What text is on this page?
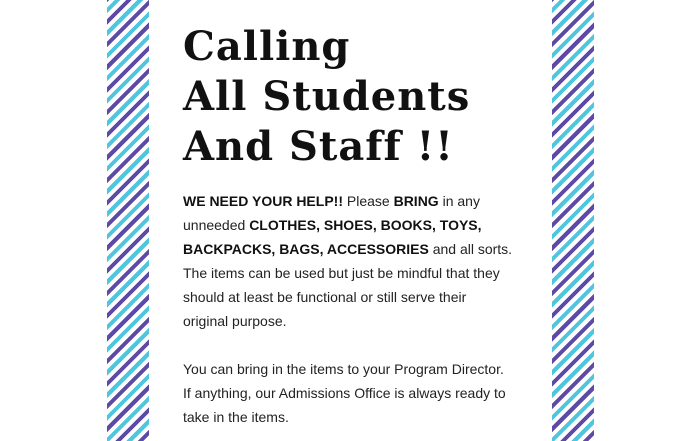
Calling
All Students
And Staff !!

WE NEED YOUR HELP!! Please BRING in any unneeded CLOTHES, SHOES, BOOKS, TOYS, BACKPACKS, BAGS, ACCESSORIES and all sorts. The items can be used but just be mindful that they should at least be functional or still serve their original purpose.

You can bring in the items to your Program Director. If anything, our Admissions Office is always ready to take in the items.
